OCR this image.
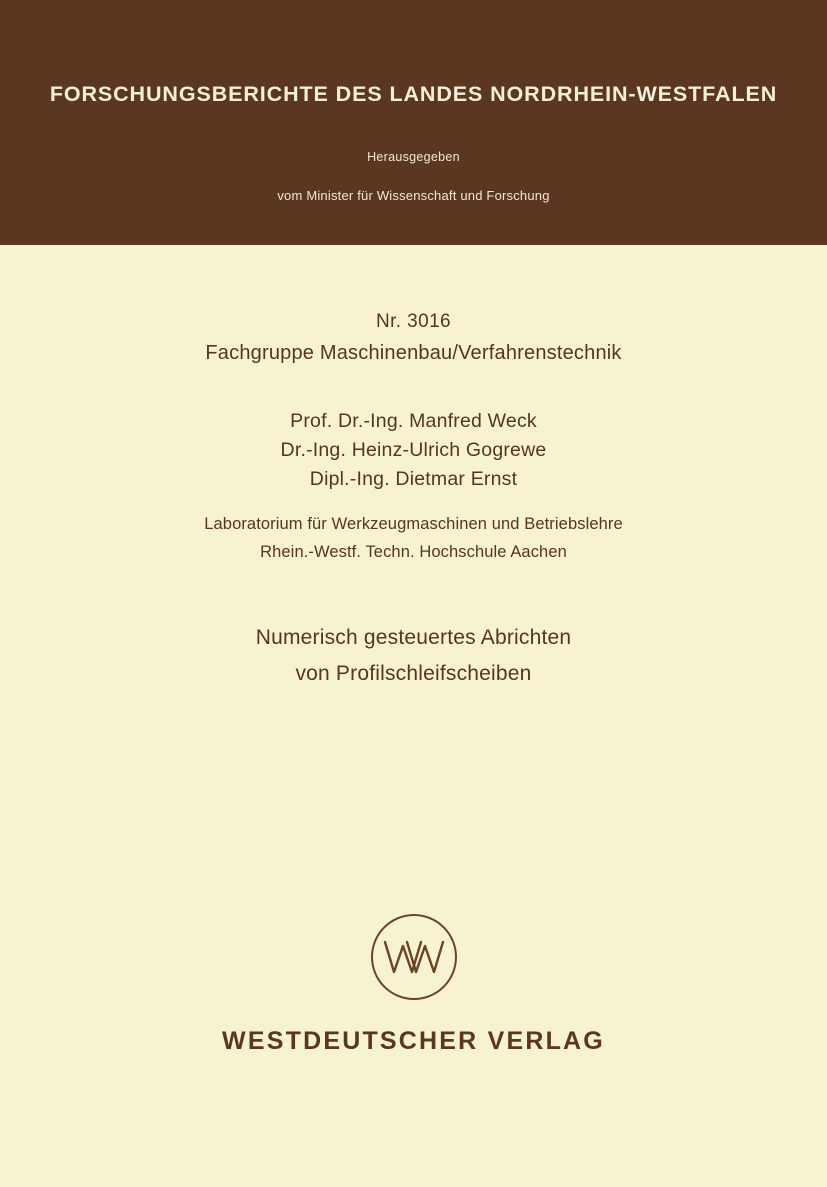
FORSCHUNGSBERICHTE DES LANDES NORDRHEIN-WESTFALEN
Herausgegeben
vom Minister für Wissenschaft und Forschung
Nr. 3016
Fachgruppe Maschinenbau/Verfahrenstechnik
Prof. Dr.-Ing. Manfred Weck
Dr.-Ing. Heinz-Ulrich Gogrewe
Dipl.-Ing. Dietmar Ernst
Laboratorium für Werkzeugmaschinen und Betriebslehre
Rhein.-Westf. Techn. Hochschule Aachen
Numerisch gesteuertes Abrichten
von Profilschleifscheiben
WESTDEUTSCHER VERLAG
